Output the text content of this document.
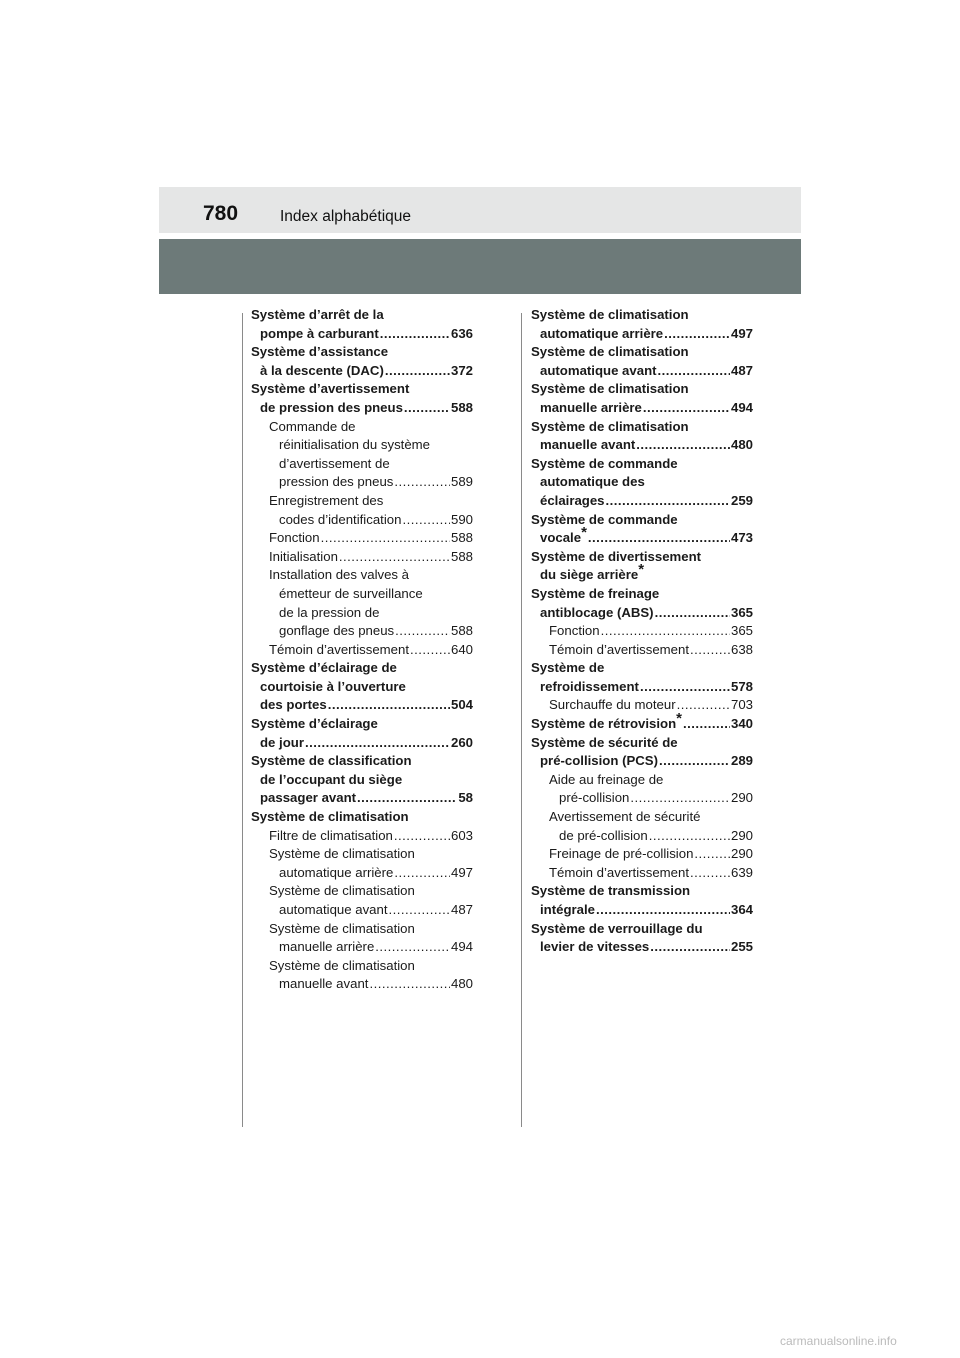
780	Index alphabétique
Système d’arrêt de la
pompe à carburant . . .	636
Système d’assistance
à la descente (DAC) . . .	372
Système d’avertissement
de pression des pneus . . .	588
Commande de
réinitialisation du système
d’avertissement de
pression des pneus . . .	589
Enregistrement des
codes d’identification . . .	590
Fonction . . .	588
Initialisation . . .	588
Installation des valves à
émetteur de surveillance
de la pression de
gonflage des pneus . . .	588
Témoin d’avertissement . . .	640
Système d’éclairage de
courtoisie à l’ouverture
des portes . . .	504
Système d’éclairage
de jour . . .	260
Système de classification
de l’occupant du siège
passager avant . . .	58
Système de climatisation
Filtre de climatisation . . .	603
Système de climatisation
automatique arrière . . .	497
Système de climatisation
automatique avant . . .	487
Système de climatisation
manuelle arrière . . .	494
Système de climatisation
manuelle avant . . .	480
Système de climatisation
automatique arrière . . .	497
Système de climatisation
automatique avant . . .	487
Système de climatisation
manuelle arrière . . .	494
Système de climatisation
manuelle avant . . .	480
Système de commande
automatique des
éclairages . . .	259
Système de commande
vocale* . . .	473
Système de divertissement
du siège arrière*
Système de freinage
antiblocage (ABS) . . .	365
Fonction . . .	365
Témoin d’avertissement . . .	638
Système de
refroidissement . . .	578
Surchauffe du moteur . . .	703
Système de rétrovision* . . .	340
Système de sécurité de
pré-collision (PCS) . . .	289
Aide au freinage de
pré-collision . . .	290
Avertissement de sécurité
de pré-collision . . .	290
Freinage de pré-collision . . .	290
Témoin d’avertissement . . .	639
Système de transmission
intégrale . . .	364
Système de verrouillage du
levier de vitesses . . .	255
carmanualsonline.info
